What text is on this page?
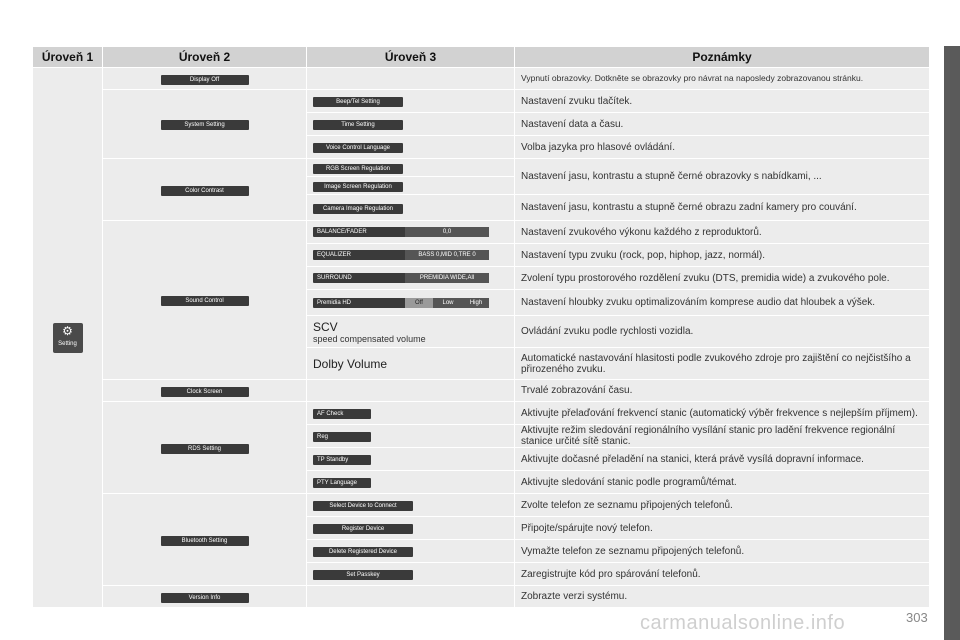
Úroveň 1	Úroveň 2	Úroveň 3	Poznámky

⚙
Setting	Display Off		Vypnutí obrazovky. Dotkněte se obrazovky pro návrat na naposledy zobrazovanou stránku.
	System Setting	Beep/Tel Setting	Nastavení zvuku tlačítek.
		Time Setting	Nastavení data a času.
		Voice Control Language	Volba jazyka pro hlasové ovládání.
	Color Contrast	RGB Screen Regulation	Nastavení jasu, kontrastu a stupně černé obrazovky s nabídkami, ...
		Image Screen Regulation	
		Camera Image Regulation	Nastavení jasu, kontrastu a stupně černé obrazu zadní kamery pro couvání.
	Sound Control	BALANCE/FADER 0,0	Nastavení zvukového výkonu každého z reproduktorů.

		EQUALIZER BASS 0,MID 0,TRE 0	Nastavení typu zvuku (rock, pop, hiphop, jazz, normál).

		SURROUND PREMIDIA WIDE,All	Zvolení typu prostorového rozdělení zvuku (DTS, premidia wide) a zvukového pole.

		Premidia HD Off Low High	Nastavení hloubky zvuku optimalizováním komprese audio dat hloubek a výšek.

		SCV
speed compensated volume	Ovládání zvuku podle rychlosti vozidla.
		Dolby Volume	Automatické nastavování hlasitosti podle zvukového zdroje pro zajištění co nejčistšího a přirozeného zvuku.
	Clock Screen		Trvalé zobrazování času.
	RDS Setting	AF Check	Aktivujte přelaďování frekvencí stanic (automatický výběr frekvence s nejlepším příjmem).
		Reg	Aktivujte režim sledování regionálního vysílání stanic pro ladění frekvence regionální stanice určité sítě stanic.
		TP Standby	Aktivujte dočasné přeladění na stanici, která právě vysílá dopravní informace.
		PTY Language	Aktivujte sledování stanic podle programů/témat.
	Bluetooth Setting	Select Device to Connect	Zvolte telefon ze seznamu připojených telefonů.
		Register Device	Připojte/spárujte nový telefon.
		Delete Registered Device	Vymažte telefon ze seznamu připojených telefonů.
		Set Passkey	Zaregistrujte kód pro spárování telefonů.
	Version Info		Zobrazte verzi systému.
carmanualsonline.info	303
